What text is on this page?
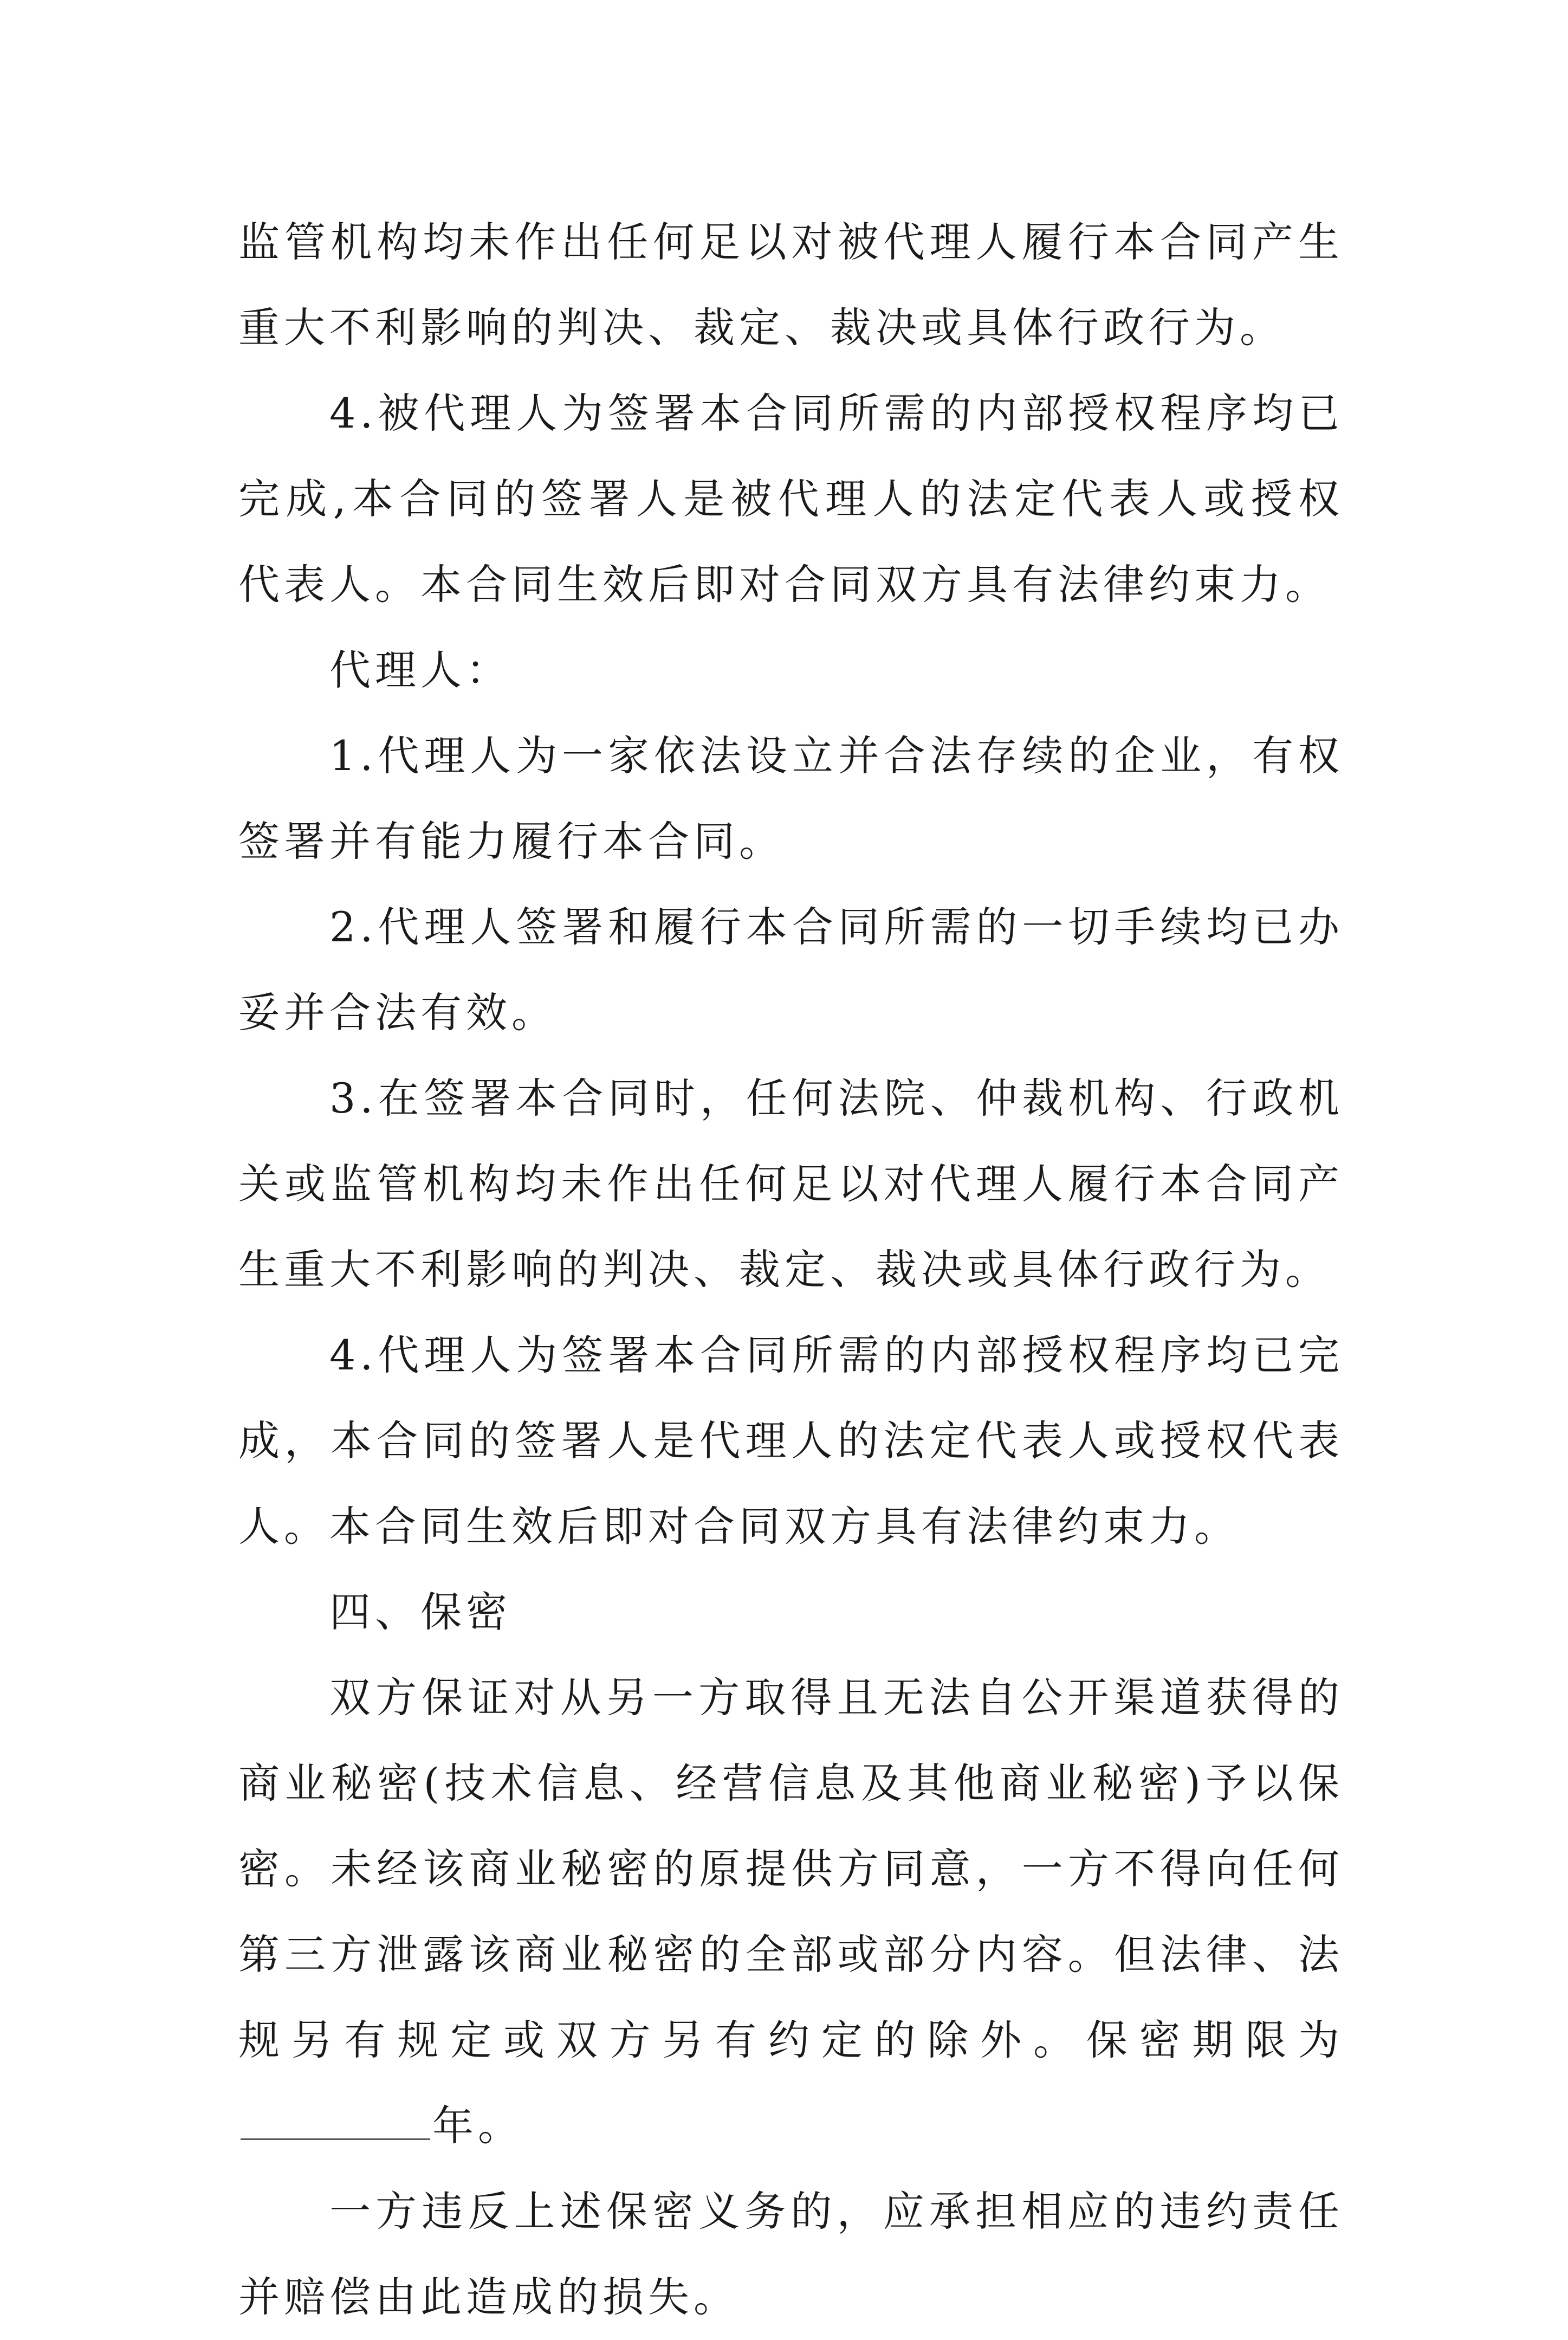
监管机构均未作出任何足以对被代理人履行本合同产生重大不利影响的判决、裁定、裁决或具体行政行为。

4.被代理人为签署本合同所需的内部授权程序均已完成,本合同的签署人是被代理人的法定代表人或授权代表人。本合同生效后即对合同双方具有法律约束力。

代理人：

1.代理人为一家依法设立并合法存续的企业，有权签署并有能力履行本合同。

2.代理人签署和履行本合同所需的一切手续均已办妥并合法有效。

3.在签署本合同时，任何法院、仲裁机构、行政机关或监管机构均未作出任何足以对代理人履行本合同产生重大不利影响的判决、裁定、裁决或具体行政行为。

4.代理人为签署本合同所需的内部授权程序均已完成，本合同的签署人是代理人的法定代表人或授权代表人。本合同生效后即对合同双方具有法律约束力。

四、保密

双方保证对从另一方取得且无法自公开渠道获得的商业秘密(技术信息、经营信息及其他商业秘密)予以保密。未经该商业秘密的原提供方同意，一方不得向任何第三方泄露该商业秘密的全部或部分内容。但法律、法规另有规定或双方另有约定的除外。保密期限为年。

一方违反上述保密义务的，应承担相应的违约责任并赔偿由此造成的损失。
